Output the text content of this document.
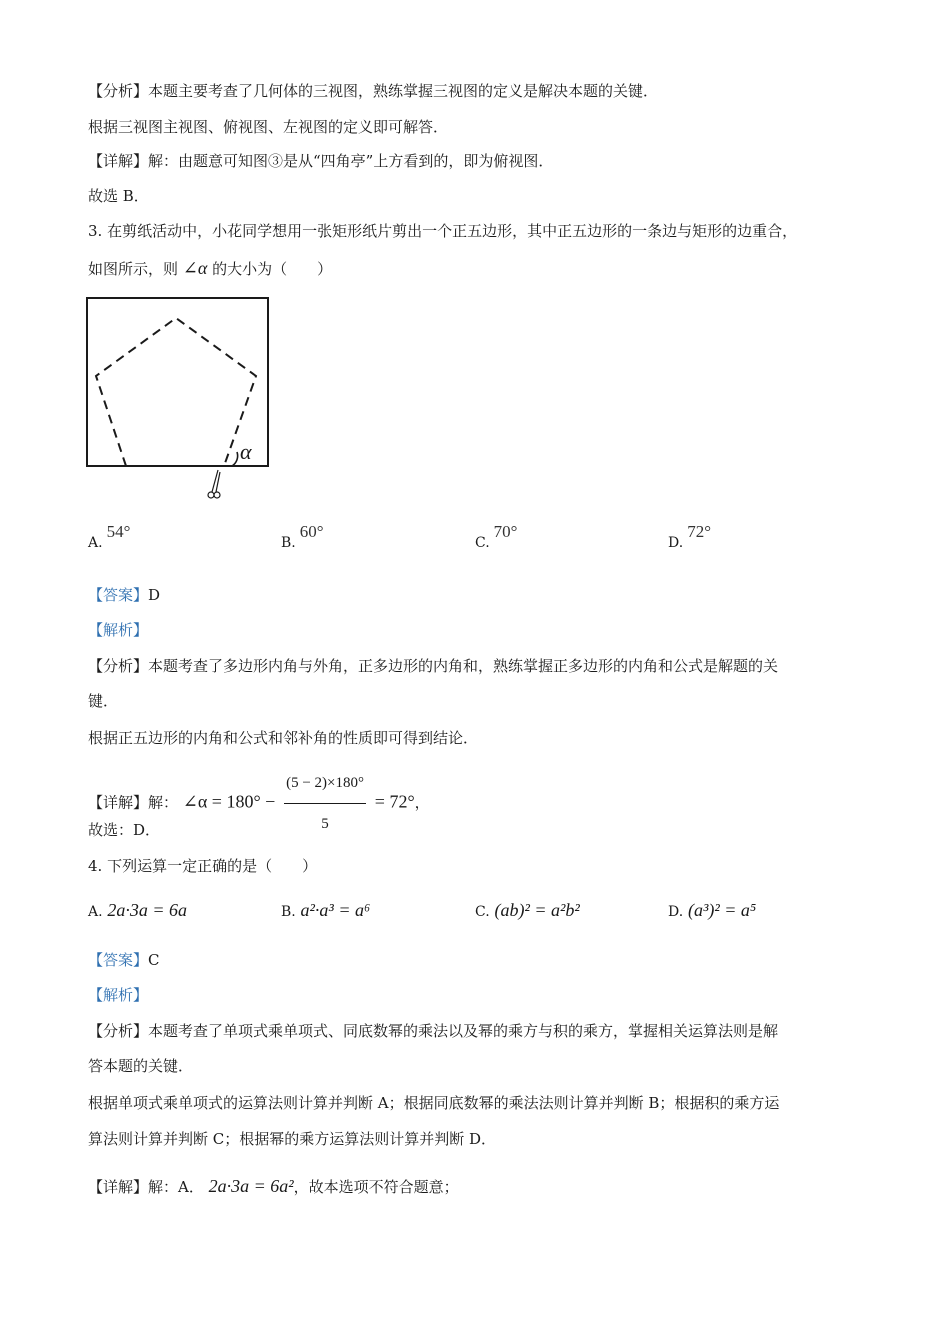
【分析】本题主要考查了几何体的三视图，熟练掌握三视图的定义是解决本题的关键．
根据三视图主视图、俯视图、左视图的定义即可解答．
【详解】解：由题意可知图③是从“四角亭”上方看到的，即为俯视图．
故选 B．
3. 在剪纸活动中，小花同学想用一张矩形纸片剪出一个正五边形，其中正五边形的一条边与矩形的边重合，
如图所示，则 ∠α 的大小为（　　）
α
A.54°
B.60°
C.70°
D.72°
【答案】D
【解析】
【分析】本题考查了多边形内角与外角，正多边形的内角和，熟练掌握正多边形的内角和公式是解题的关
键．
根据正五边形的内角和公式和邻补角的性质即可得到结论．
【详解】解： ∠α = $180^\circ - \frac{(5 - 2)\times 180^\circ}{5} = 72^\circ$，
故选：D．
4. 下列运算一定正确的是（　　）
A. 2a·3a = 6a	B. a²·a³ = a⁶	C. (ab)² = a²b²	D. (a³)² = a⁵
【答案】C
【解析】
【分析】本题考查了单项式乘单项式、同底数幂的乘法以及幂的乘方与积的乘方，掌握相关运算法则是解
答本题的关键．
根据单项式乘单项式的运算法则计算并判断 A；根据同底数幂的乘法法则计算并判断 B；根据积的乘方运
算法则计算并判断 C；根据幂的乘方运算法则计算并判断 D．
【详解】解：A． 2a·3a = 6a²，故本选项不符合题意；
